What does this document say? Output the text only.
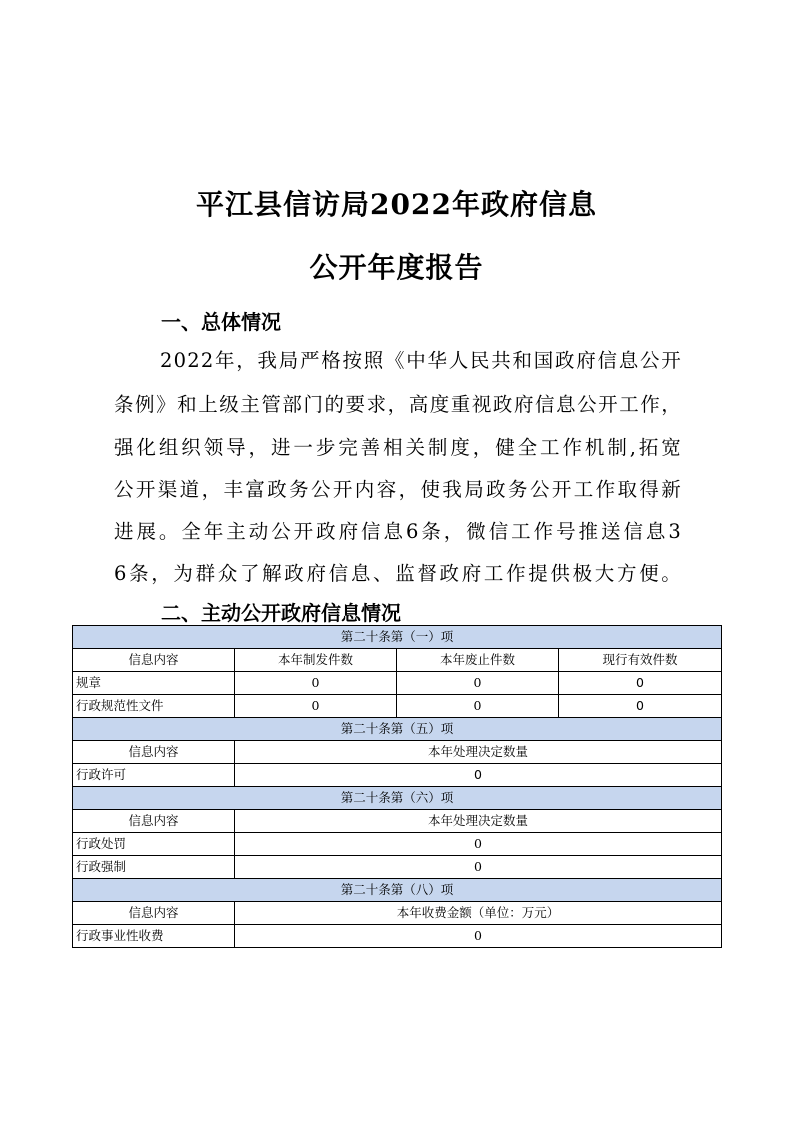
平江县信访局2022年政府信息
公开年度报告
一、总体情况
2022年，我局严格按照《中华人民共和国政府信息公开
条例》和上级主管部门的要求，高度重视政府信息公开工作，
强化组织领导，进一步完善相关制度，健全工作机制,拓宽
公开渠道，丰富政务公开内容，使我局政务公开工作取得新
进展。全年主动公开政府信息6条，微信工作号推送信息3
6条，为群众了解政府信息、监督政府工作提供极大方便。
二、主动公开政府信息情况
第二十条第（一）项			
信息内容	本年制发件数	本年废止件数	现行有效件数
规章	0	0	0
行政规范性文件	0	0	0
第二十条第（五）项			
信息内容	本年处理决定数量		
行政许可	0		
第二十条第（六）项			
信息内容	本年处理决定数量		
行政处罚	0		
行政强制	0		
第二十条第（八）项			
信息内容	本年收费金额（单位：万元）		
行政事业性收费	0		
